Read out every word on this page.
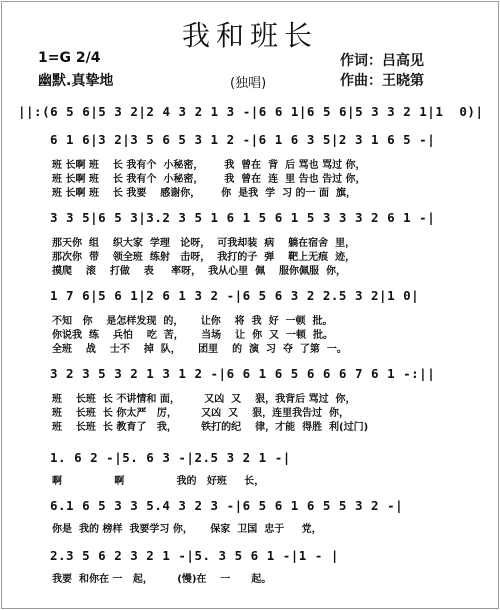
我和班长
1=G 2/4
幽默.真挚地	(独唱)
作词：吕高见
作曲：王晓第
||:(6 5 6|5 3 2|2 4 3 2 1 3 -|6 6 1|6 5 6|5 3 3 2 1|1  0)|
6 1 6|3 2|3 5 6 5 3 1 2 -|6 1 6 3 5|2 3 1 6 5 -|
班 长啊 班    长 我有个  小秘密，      我  曾在  背  后 骂也 骂过 你，
班 长啊 班    长 我有个  小秘密，      我  曾在  连  里 告也 告过 你，
班 长啊 班    长 我要    感谢你，      你  是我  学  习 的一 面  旗，
3 3 5|6 5 3|3.2 3 5 1 6 1 5 6 1 5 3 3 3 2 6 1 -|
那天你  组    织大家  学理   论呀，  可我却装  病    躺在宿舍  里，
那次你  带    领全班  练射   击呀，  我打的子  弹    靶上无痕  迹，
摸爬    滚    打做    表     率呀，  我从心里  佩    服你佩服  你，
1 7 6|5 6 1|2 6 1 3 2 -|6 5 6 3 2 2.5 3 2|1 0|
不知   你    是怎样发现  的，     让你    将  我  好  一顿  批。
你说我  练    兵怕    吃  苦，     当场    让  你  又  一顿  批。
全班    战    士不    掉  队，     团里    的  演  习  夺  了第  一。
3 2 3 5 3 2 1 3 1 2 -|6 6 1 6 5 6 6 6 7 6 1 -:||
班    长班  长 不讲情和 面，       又凶  又    狠，我背后 骂过  你，
班    长班  长 你太严   厉，       又凶  又    狠，连里我告过  你，
班    长班  长 教育了   我，       铁打的纪    律，才能  得胜  利(过门)
1. 6 2 -|5. 6 3 -|2.5 3 2 1 -|
啊               啊               我的   好班     长，
6.1 6 5 3 3 5.4 3 2 3 -|6 5 6 1 6 5 5 3 2 -|
你是  我的 榜样  我要学习 你，     保家  卫国  忠于     党，
2.3 5 6 2 3 2 1 -|5. 3 5 6 1 -|1 - |
我要  和你在 一   起，       (慢)在    一      起。
